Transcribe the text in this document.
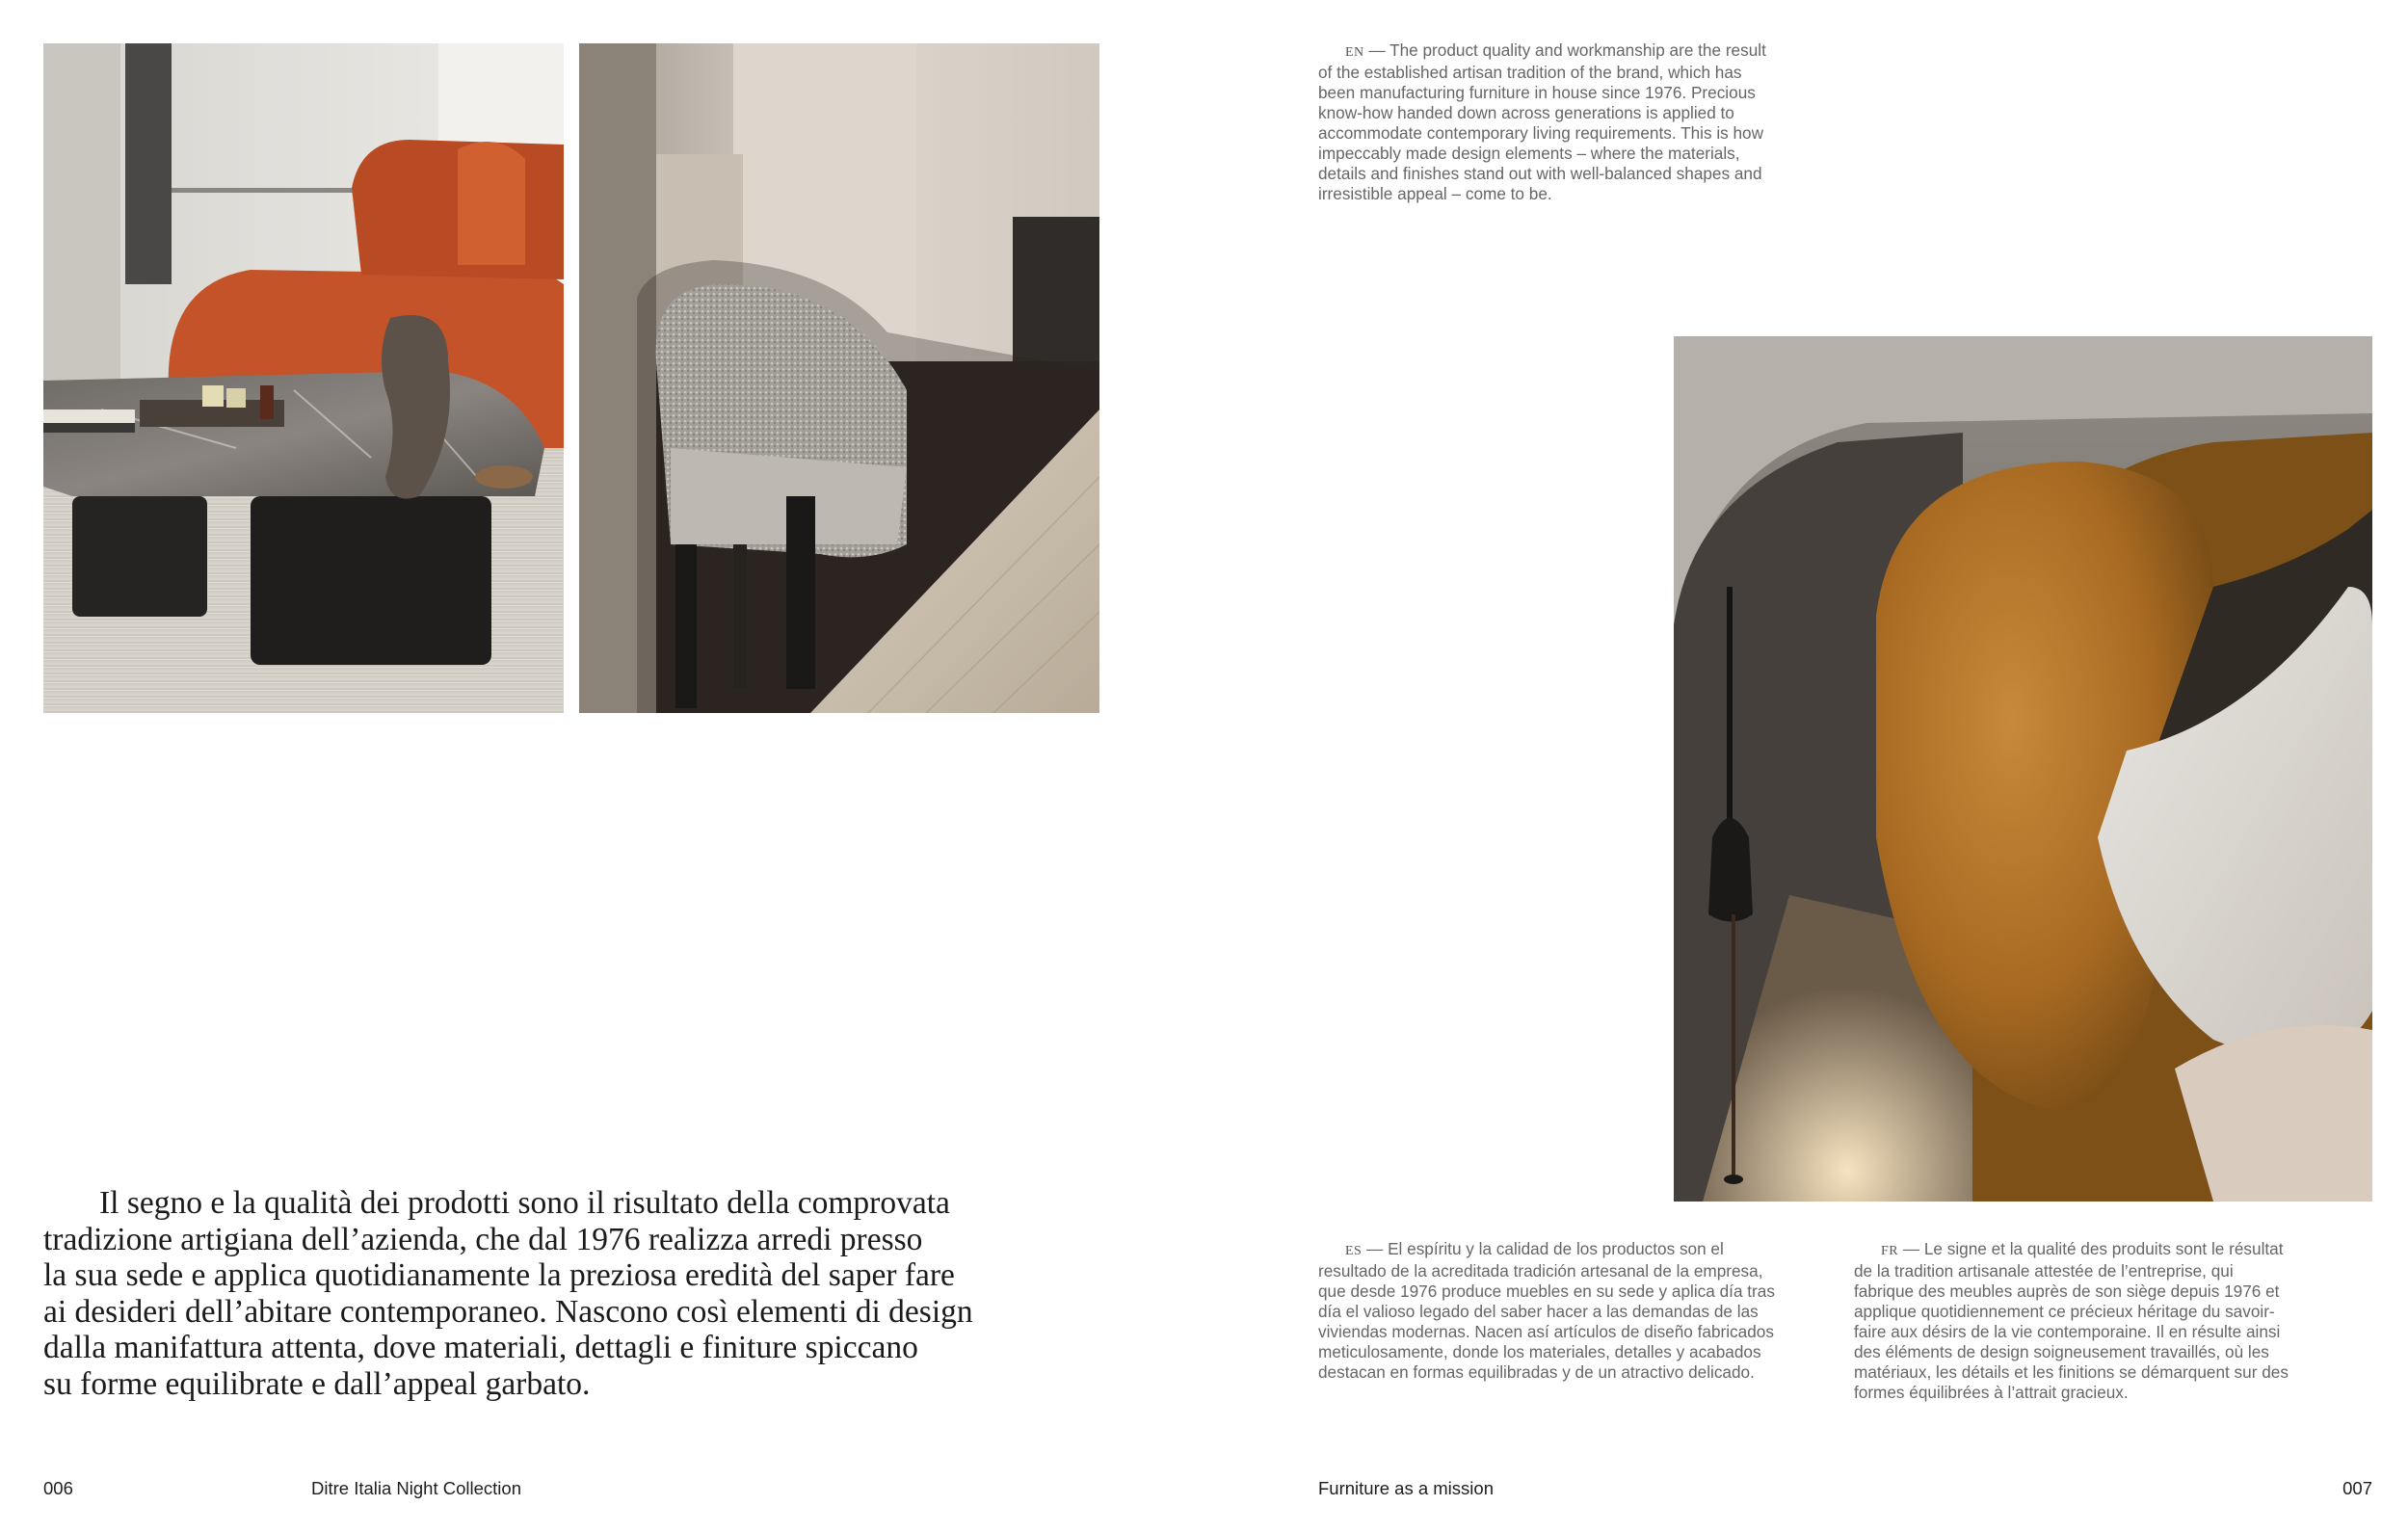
Il segno e la qualità dei prodotti sono il risultato della comprovata
tradizione artigiana dell’azienda, che dal 1976 realizza arredi presso
la sua sede e applica quotidianamente la preziosa eredità del saper fare
ai desideri dell’abitare contemporaneo. Nascono così elementi di design
dalla manifattura attenta, dove materiali, dettagli e finiture spiccano
su forme equilibrate e dall’appeal garbato.
EN — The product quality and workmanship are the result
of the established artisan tradition of the brand, which has
been manufacturing furniture in house since 1976. Precious
know-how handed down across generations is applied to
accommodate contemporary living requirements. This is how
impeccably made design elements – where the materials,
details and finishes stand out with well-balanced shapes and
irresistible appeal – come to be.
ES — El espíritu y la calidad de los productos son el
resultado de la acreditada tradición artesanal de la empresa,
que desde 1976 produce muebles en su sede y aplica día tras
día el valioso legado del saber hacer a las demandas de las
viviendas modernas. Nacen así artículos de diseño fabricados
meticulosamente, donde los materiales, detalles y acabados
destacan en formas equilibradas y de un atractivo delicado.
FR — Le signe et la qualité des produits sont le résultat
de la tradition artisanale attestée de l’entreprise, qui
fabrique des meubles auprès de son siège depuis 1976 et
applique quotidiennement ce précieux héritage du savoir-
faire aux désirs de la vie contemporaine. Il en résulte ainsi
des éléments de design soigneusement travaillés, où les
matériaux, les détails et les finitions se démarquent sur des
formes équilibrées à l’attrait gracieux.
006	Ditre Italia Night Collection	Furniture as a mission	007
